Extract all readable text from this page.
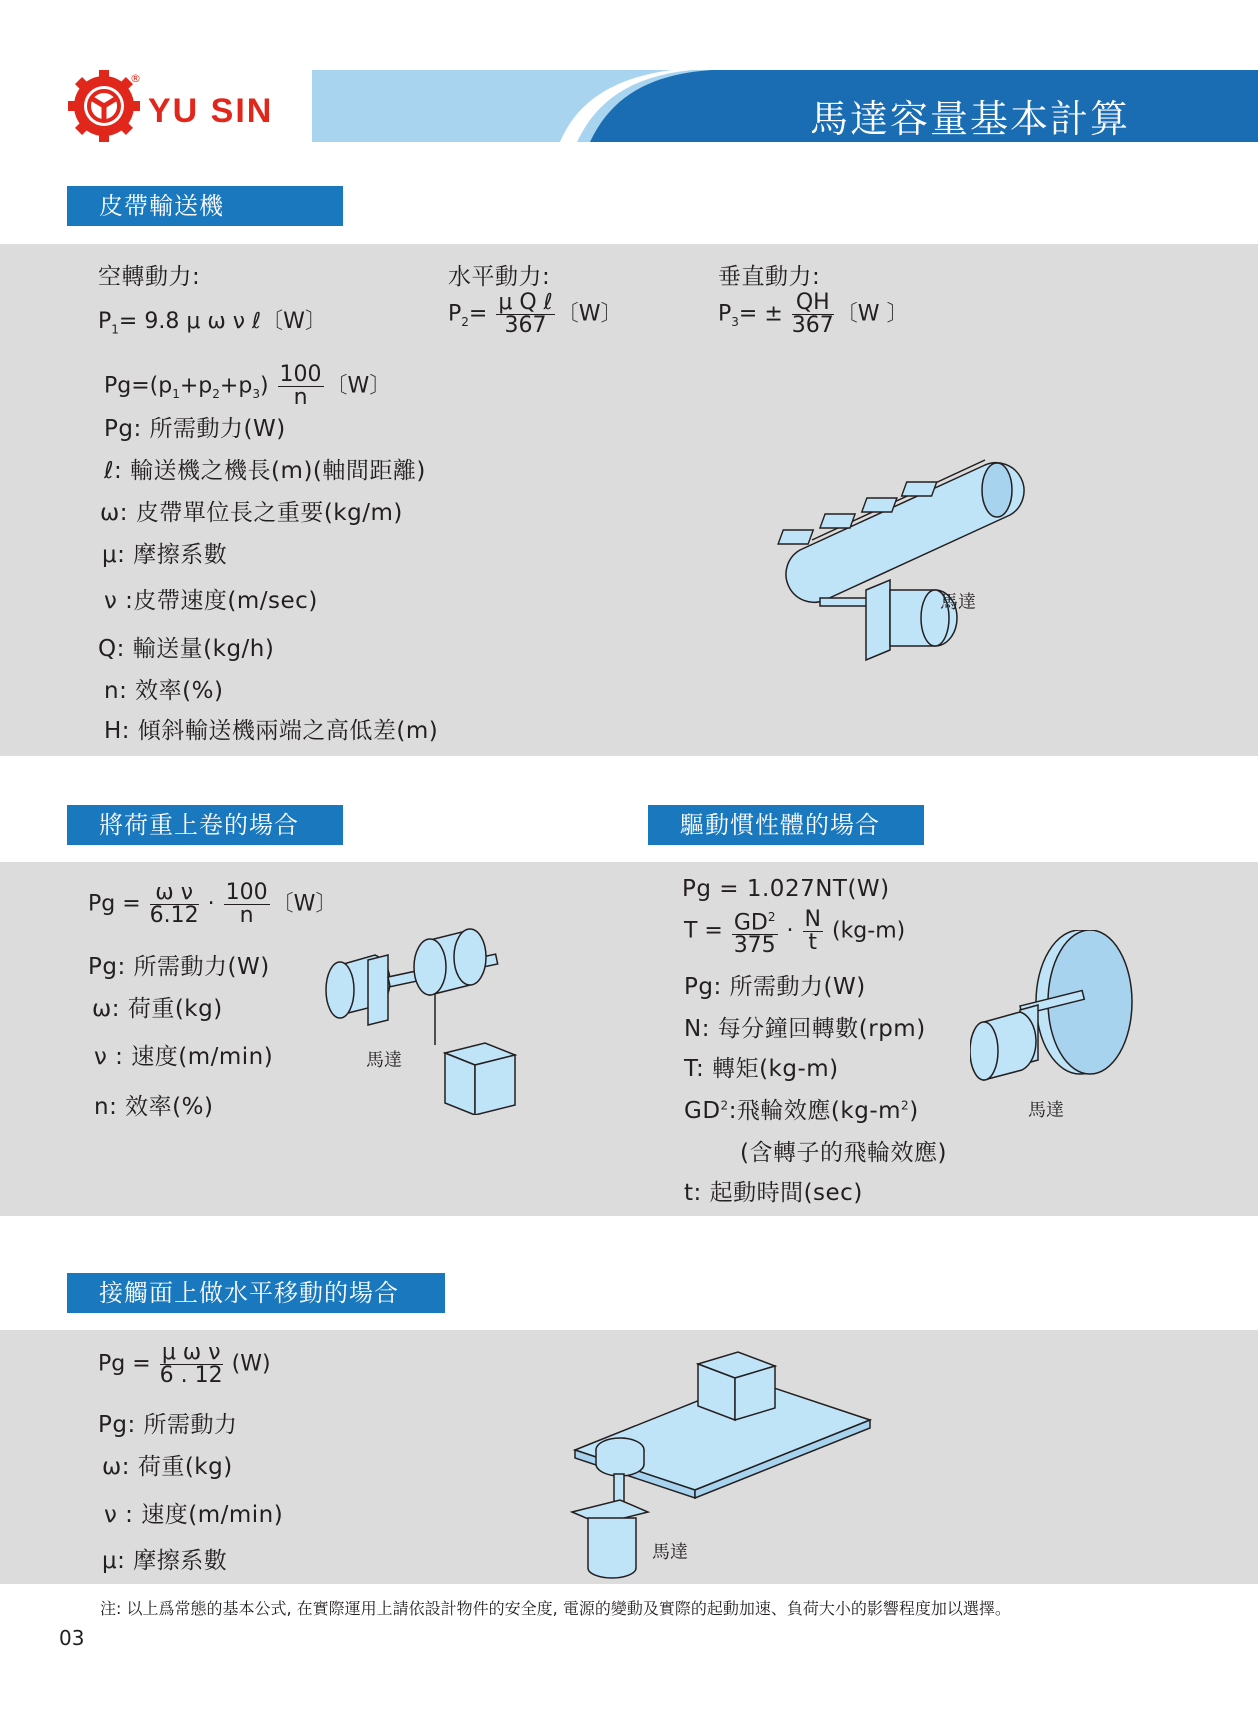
®
YU SIN	馬達容量基本計算
皮帶輸送機
空轉動力:	水平動力:	垂直動力:
$P_1= 9.8$ μ ω ν ℓ〔W〕	$P_2= \frac{\text{μ Q ℓ}}{367}$ 〔W〕	$P_3= \pm \frac{QH}{367}$ 〔W 〕
$Pg=(p_1+p_2+p_3) \frac{100}{n}$ 〔W〕
Pg: 所需動力(W)
ℓ: 輸送機之機長(m)(軸間距離)
ω: 皮帶單位長之重要(kg/m)
μ: 摩擦系數
ν :皮帶速度(m/sec)
Q: 輸送量(kg/h)
n: 效率(%)
H: 傾斜輸送機兩端之高低差(m)
馬達
將荷重上卷的場合	驅動慣性體的場合
$Pg = \frac{\text{ω ν}}{6.12} \cdot \frac{100}{n}$ 〔W〕
Pg: 所需動力(W)
ω: 荷重(kg)
ν : 速度(m/min)
n: 效率(%)
馬達
Pg = 1.027NT(W)
$T = \frac{GD^2}{375} \cdot \frac{N}{t} (kg-m)$
Pg: 所需動力(W)
N: 每分鐘回轉數(rpm)
T: 轉矩(kg-m)
$GD^2$:飛輪效應$(kg-m^2)$
(含轉子的飛輪效應)
t: 起動時間(sec)
馬達
接觸面上做水平移動的場合
$Pg = \frac{\text{μ ω ν}}{6 . 12} (W)$
Pg: 所需動力
ω: 荷重(kg)
ν : 速度(m/min)
μ: 摩擦系數	馬達
注: 以上爲常態的基本公式, 在實際運用上請依設計物件的安全度, 電源的變動及實際的起動加速、負荷大小的影響程度加以選擇。
03
